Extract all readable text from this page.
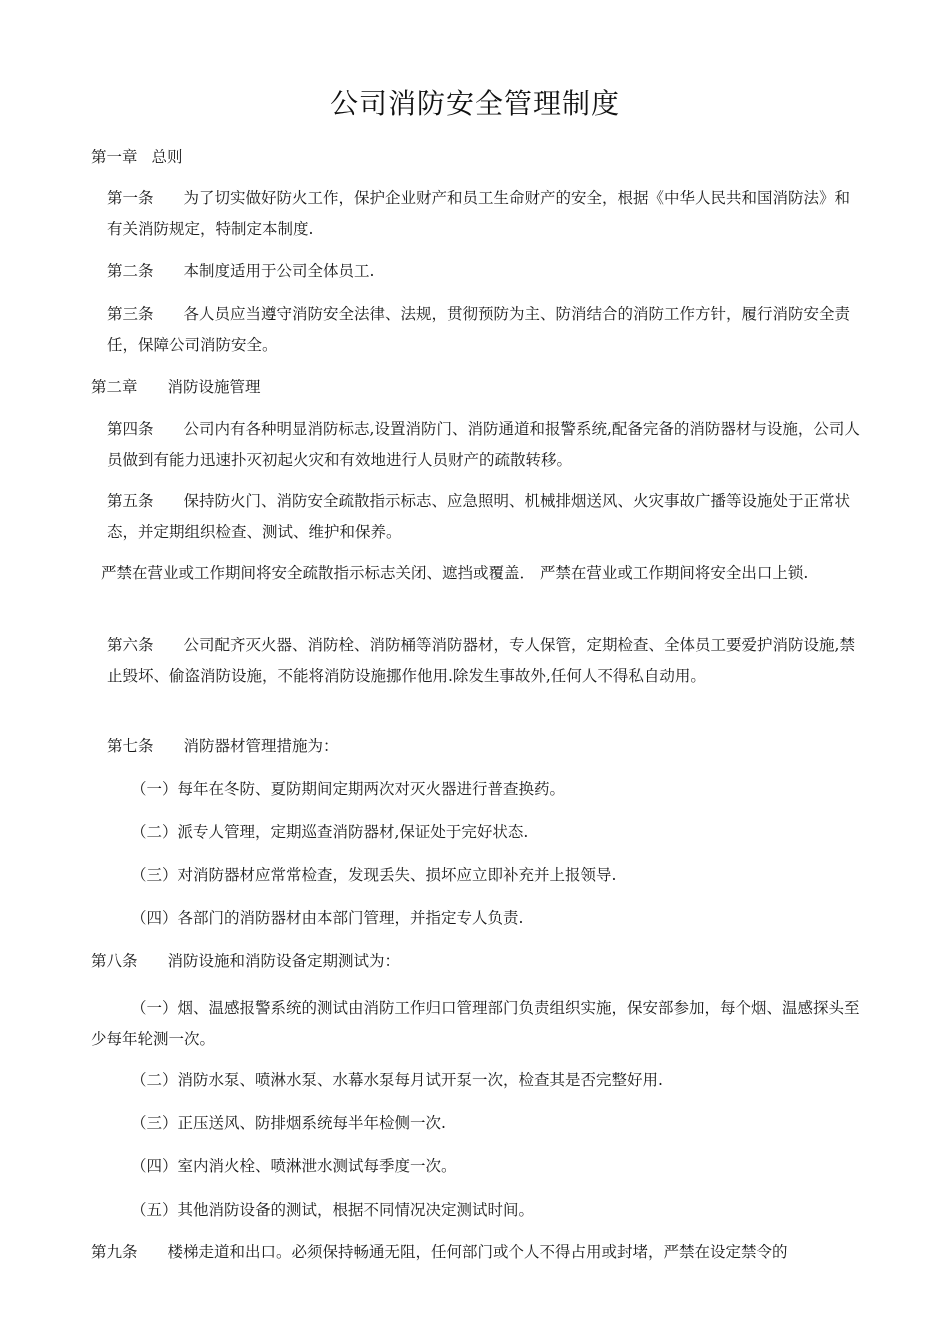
公司消防安全管理制度
第一章 总则
第一条 为了切实做好防火工作，保护企业财产和员工生命财产的安全，根据《中华人民共和国消防法》和有关消防规定，特制定本制度.
第二条 本制度适用于公司全体员工.
第三条 各人员应当遵守消防安全法律、法规，贯彻预防为主、防消结合的消防工作方针，履行消防安全责任，保障公司消防安全。
第二章 消防设施管理
第四条 公司内有各种明显消防标志,设置消防门、消防通道和报警系统,配备完备的消防器材与设施，公司人员做到有能力迅速扑灭初起火灾和有效地进行人员财产的疏散转移。
第五条 保持防火门、消防安全疏散指示标志、应急照明、机械排烟送风、火灾事故广播等设施处于正常状态，并定期组织检查、测试、维护和保养。
严禁在营业或工作期间将安全疏散指示标志关闭、遮挡或覆盖． 严禁在营业或工作期间将安全出口上锁.
第六条 公司配齐灭火器、消防栓、消防桶等消防器材，专人保管，定期检查、全体员工要爱护消防设施,禁止毁坏、偷盗消防设施，不能将消防设施挪作他用.除发生事故外,任何人不得私自动用。
第七条 消防器材管理措施为：
（一）每年在冬防、夏防期间定期两次对灭火器进行普查换药。
（二）派专人管理，定期巡查消防器材,保证处于完好状态.
（三）对消防器材应常常检查，发现丢失、损坏应立即补充并上报领导.
（四）各部门的消防器材由本部门管理，并指定专人负责.
第八条 消防设施和消防设备定期测试为：
（一）烟、温感报警系统的测试由消防工作归口管理部门负责组织实施，保安部参加，每个烟、温感探头至少每年轮测一次。
（二）消防水泵、喷淋水泵、水幕水泵每月试开泵一次，检查其是否完整好用.
（三）正压送风、防排烟系统每半年检侧一次.
（四）室内消火栓、喷淋泄水测试每季度一次。
（五）其他消防设备的测试，根据不同情况决定测试时间。
第九条 楼梯走道和出口。必须保持畅通无阻，任何部门或个人不得占用或封堵，严禁在设定禁令的
